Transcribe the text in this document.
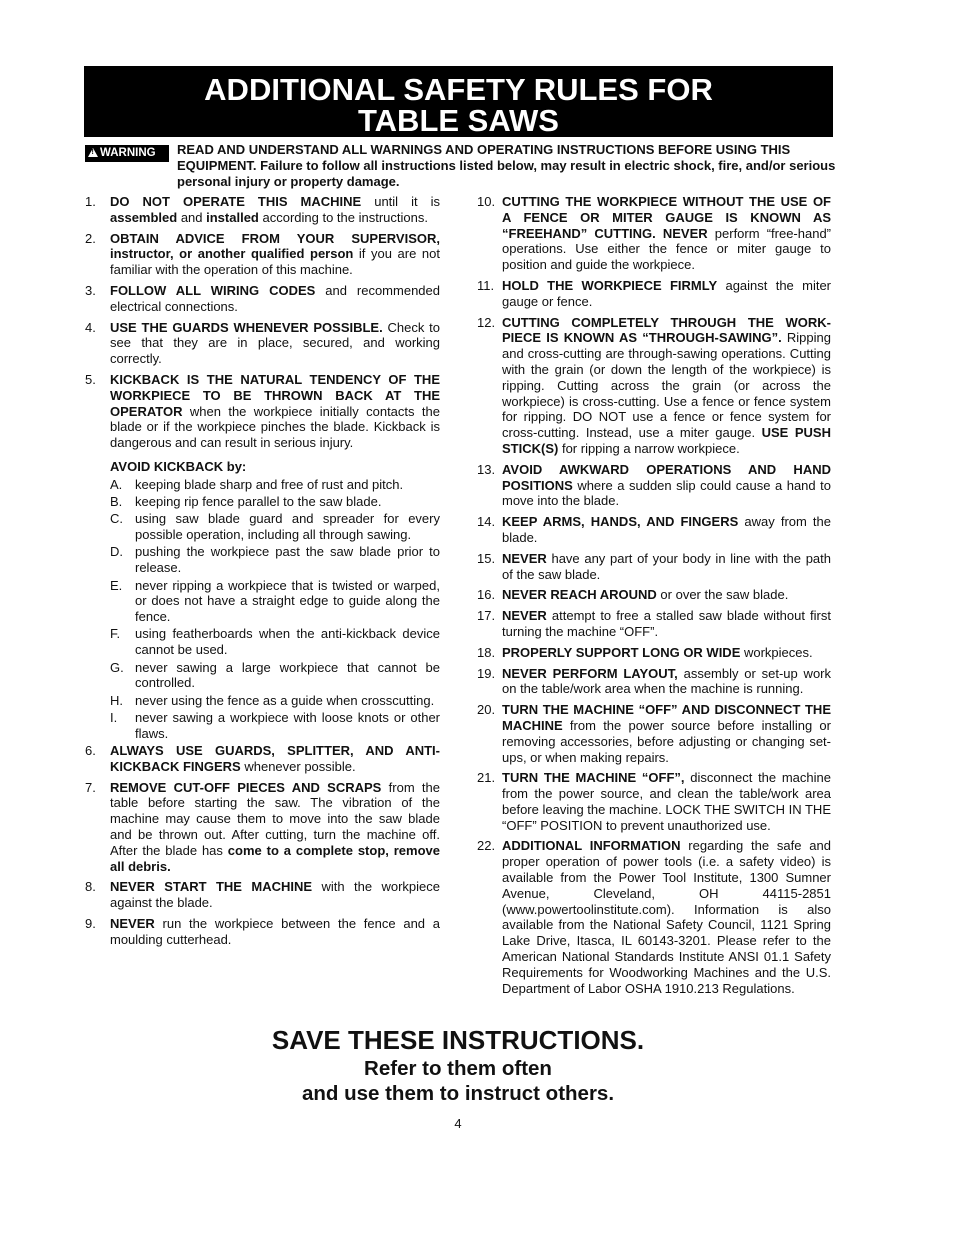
ADDITIONAL SAFETY RULES FOR
TABLE SAWS
! WARNING	READ AND UNDERSTAND ALL WARNINGS AND OPERATING INSTRUCTIONS BEFORE USING THIS EQUIPMENT. Failure to follow all instructions listed below, may result in electric shock, fire, and/or serious personal injury or property damage.
1. DO NOT OPERATE THIS MACHINE until it is assembled and installed according to the instructions.
2. OBTAIN ADVICE FROM YOUR SUPERVISOR, instructor, or another qualified person if you are not familiar with the operation of this machine.
3. FOLLOW ALL WIRING CODES and recommended electrical connections.
4. USE THE GUARDS WHENEVER POSSIBLE. Check to see that they are in place, secured, and working correctly.
5. KICKBACK IS THE NATURAL TENDENCY OF THE WORKPIECE TO BE THROWN BACK AT THE OPERATOR when the workpiece initially contacts the blade or if the workpiece pinches the blade. Kickback is dangerous and can result in serious injury.
AVOID KICKBACK by:
A. keeping blade sharp and free of rust and pitch.
B. keeping rip fence parallel to the saw blade.
C. using saw blade guard and spreader for every possible operation, including all through sawing.
D. pushing the workpiece past the saw blade prior to release.
E. never ripping a workpiece that is twisted or warped, or does not have a straight edge to guide along the fence.
F. using featherboards when the anti-kickback device cannot be used.
G. never sawing a large workpiece that cannot be controlled.
H. never using the fence as a guide when crosscutting.
I. never sawing a workpiece with loose knots or other flaws.
6. ALWAYS USE GUARDS, SPLITTER, AND ANTI-KICKBACK FINGERS whenever possible.
7. REMOVE CUT-OFF PIECES AND SCRAPS from the table before starting the saw. The vibration of the machine may cause them to move into the saw blade and be thrown out. After cutting, turn the machine off. After the blade has come to a complete stop, remove all debris.
8. NEVER START THE MACHINE with the workpiece against the blade.
9. NEVER run the workpiece between the fence and a moulding cutterhead.
10. CUTTING THE WORKPIECE WITHOUT THE USE OF A FENCE OR MITER GAUGE IS KNOWN AS “FREEHAND” CUTTING. NEVER perform “free-hand” operations. Use either the fence or miter gauge to position and guide the workpiece.
11. HOLD THE WORKPIECE FIRMLY against the miter gauge or fence.
12. CUTTING COMPLETELY THROUGH THE WORK-PIECE IS KNOWN AS “THROUGH-SAWING”. Ripping and cross-cutting are through-sawing operations. Cutting with the grain (or down the length of the workpiece) is ripping. Cutting across the grain (or across the workpiece) is cross-cutting. Use a fence or fence system for ripping. DO NOT use a fence or fence system for cross-cutting. Instead, use a miter gauge. USE PUSH STICK(S) for ripping a narrow workpiece.
13. AVOID AWKWARD OPERATIONS AND HAND POSITIONS where a sudden slip could cause a hand to move into the blade.
14. KEEP ARMS, HANDS, AND FINGERS away from the blade.
15. NEVER have any part of your body in line with the path of the saw blade.
16. NEVER REACH AROUND or over the saw blade.
17. NEVER attempt to free a stalled saw blade without first turning the machine “OFF”.
18. PROPERLY SUPPORT LONG OR WIDE workpieces.
19. NEVER PERFORM LAYOUT, assembly or set-up work on the table/work area when the machine is running.
20. TURN THE MACHINE “OFF” AND DISCONNECT THE MACHINE from the power source before installing or removing accessories, before adjusting or changing set-ups, or when making repairs.
21. TURN THE MACHINE “OFF”, disconnect the machine from the power source, and clean the table/work area before leaving the machine. LOCK THE SWITCH IN THE “OFF” POSITION to prevent unauthorized use.
22. ADDITIONAL INFORMATION regarding the safe and proper operation of power tools (i.e. a safety video) is available from the Power Tool Institute, 1300 Sumner Avenue, Cleveland, OH 44115-2851 (www.powertoolinstitute.com). Information is also available from the National Safety Council, 1121 Spring Lake Drive, Itasca, IL 60143-3201. Please refer to the American National Standards Institute ANSI 01.1 Safety Requirements for Woodworking Machines and the U.S. Department of Labor OSHA 1910.213 Regulations.
SAVE THESE INSTRUCTIONS.
Refer to them often
and use them to instruct others.
4
